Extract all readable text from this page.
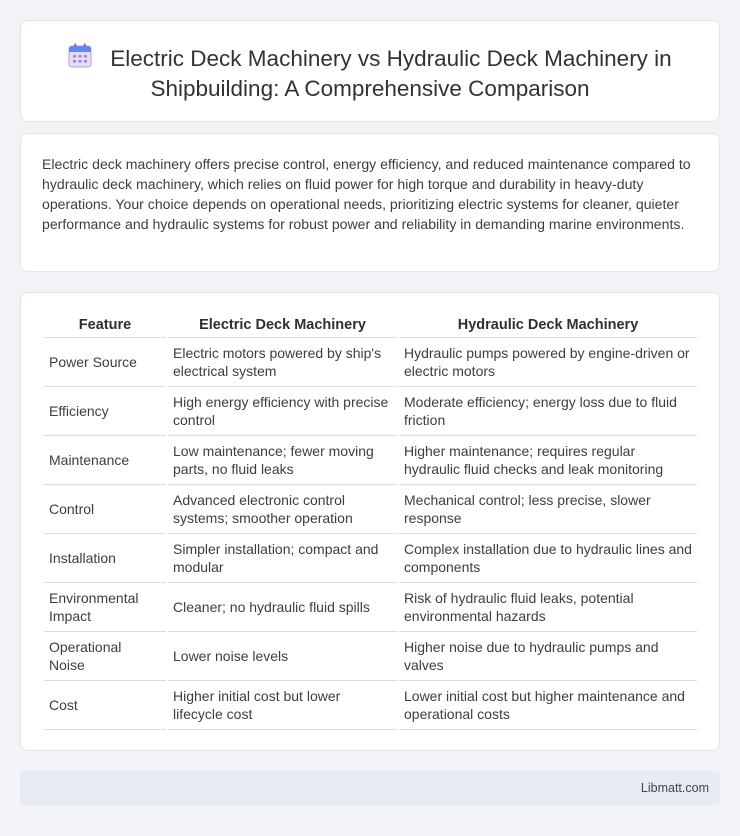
Electric Deck Machinery vs Hydraulic Deck Machinery in Shipbuilding: A Comprehensive Comparison

Electric deck machinery offers precise control, energy efficiency, and reduced maintenance compared to hydraulic deck machinery, which relies on fluid power for high torque and durability in heavy-duty operations. Your choice depends on operational needs, prioritizing electric systems for cleaner, quieter performance and hydraulic systems for robust power and reliability in demanding marine environments.

Feature	Electric Deck Machinery	Hydraulic Deck Machinery
Power Source	Electric motors powered by ship's electrical system	Hydraulic pumps powered by engine-driven or electric motors
Efficiency	High energy efficiency with precise control	Moderate efficiency; energy loss due to fluid friction
Maintenance	Low maintenance; fewer moving parts, no fluid leaks	Higher maintenance; requires regular hydraulic fluid checks and leak monitoring
Control	Advanced electronic control systems; smoother operation	Mechanical control; less precise, slower response
Installation	Simpler installation; compact and modular	Complex installation due to hydraulic lines and components
Environmental Impact	Cleaner; no hydraulic fluid spills	Risk of hydraulic fluid leaks, potential environmental hazards
Operational Noise	Lower noise levels	Higher noise due to hydraulic pumps and valves
Cost	Higher initial cost but lower lifecycle cost	Lower initial cost but higher maintenance and operational costs
Libmatt.com
